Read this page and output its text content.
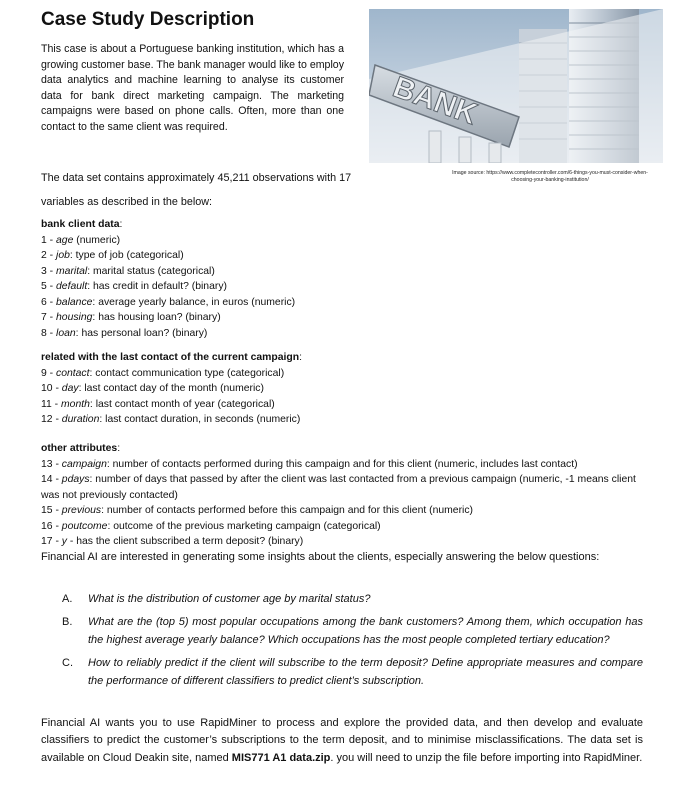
Case Study Description
This case is about a Portuguese banking institution, which has a growing customer base. The bank manager would like to employ data analytics and machine learning to analyse its customer data for bank direct marketing campaign. The marketing campaigns were based on phone calls. Often, more than one contact to the same client was required.	BANK
Image source: https://www.completecontroller.com/6-things-you-must-consider-when-choosing-your-banking-institution/
The data set contains approximately 45,211 observations with 17
variables as described in the below:
bank client data:
1 - age (numeric)
2 - job: type of job (categorical)
3 - marital: marital status (categorical)
5 - default: has credit in default? (binary)
6 - balance: average yearly balance, in euros (numeric)
7 - housing: has housing loan? (binary)
8 - loan: has personal loan? (binary)
related with the last contact of the current campaign:
9 - contact: contact communication type (categorical)
10 - day: last contact day of the month (numeric)
11 - month: last contact month of year (categorical)
12 - duration: last contact duration, in seconds (numeric)
other attributes:
13 - campaign: number of contacts performed during this campaign and for this client (numeric, includes last contact)
14 - pdays: number of days that passed by after the client was last contacted from a previous campaign (numeric, -1 means client was not previously contacted)
15 - previous: number of contacts performed before this campaign and for this client (numeric)
16 - poutcome: outcome of the previous marketing campaign (categorical)
17 - y - has the client subscribed a term deposit? (binary)
Financial AI are interested in generating some insights about the clients, especially answering the below questions:
A. What is the distribution of customer age by marital status?
B. What are the (top 5) most popular occupations among the bank customers? Among them, which occupation has the highest average yearly balance? Which occupations has the most people completed tertiary education?
C. How to reliably predict if the client will subscribe to the term deposit? Define appropriate measures and compare the performance of different classifiers to predict client’s subscription.
Financial AI wants you to use RapidMiner to process and explore the provided data, and then develop and evaluate classifiers to predict the customer’s subscriptions to the term deposit, and to minimise misclassifications. The data set is available on Cloud Deakin site, named MIS771 A1 data.zip. you will need to unzip the file before importing into RapidMiner.
